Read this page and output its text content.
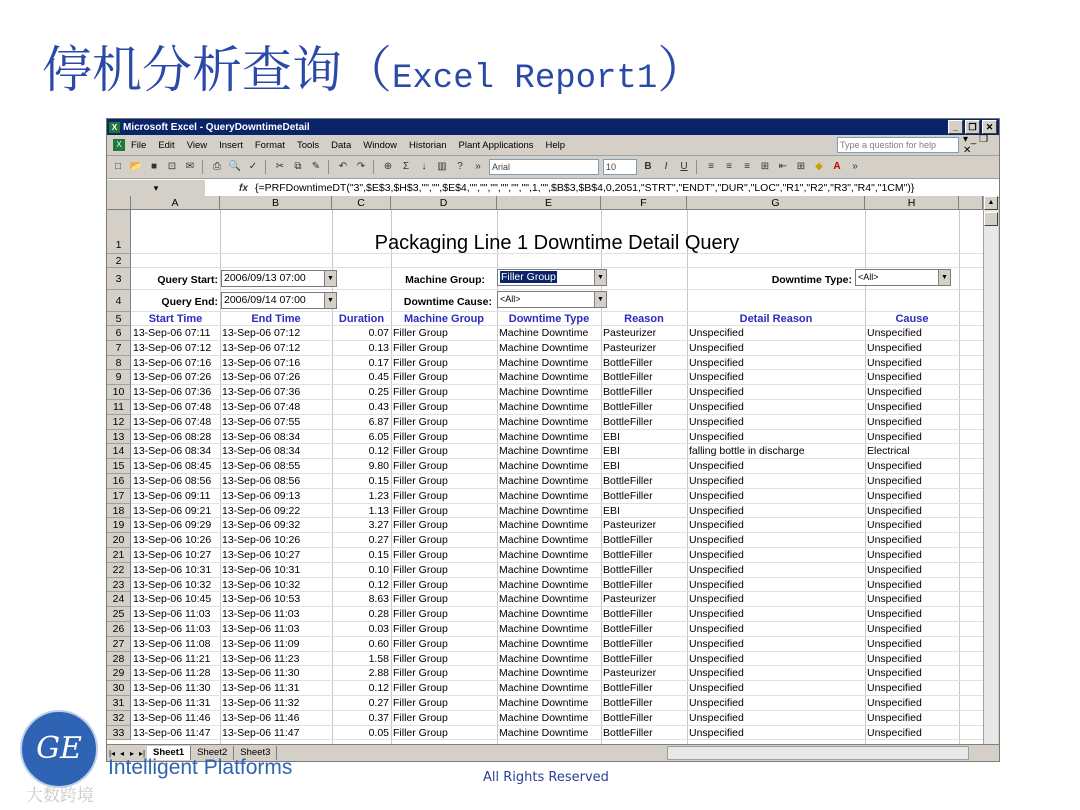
停机分析查询（Excel Report1）
X Microsoft Excel - QueryDowntimeDetail	_	❐	✕
X File Edit View Insert Format Tools Data Window Historian Plant Applications Help	Type a question for help	▾ _ ❐ ✕
□ 📂 ■	⊡ ✉	⎙ 🔍 ✓ ✂	⧉	✎ ↶ ↷ ⊕	Σ	↓	▥	?	»	Arial	10	B	I	U	≡	≡	≡	⊞ ⇤ ⊞ ◆	A	»
▾	fx {=PRFDowntimeDT("3",$E$3,$H$3,"","",$E$4,"","","","","","",1,"",$B$3,$B$4,0,2051,"STRT","ENDT","DUR","LOC","R1","R2","R3","R4","1CM")}
A	B	C	D	E	F	G	H
1
2
3
4
5
6
7
8
9
10
11
12
13
14
15
16
17
18
19
20
21
22
23
24
25
26
27
28
29
30
31
32
33
Packaging Line 1 Downtime Detail Query
Query Start: 2006/09/13 07:00	▼
Query End: 2006/09/14 07:00	▼
Machine Group:	Filler Group	▼
Downtime Cause: <All>	▼
Downtime Type: <All>	▼
Start Time	End Time	Duration	Machine Group	Downtime Type	Reason	Detail Reason	Cause
13-Sep-06 07:11	13-Sep-06 07:12	0.07 Filler Group	Machine Downtime	Pasteurizer	Unspecified	Unspecified
13-Sep-06 07:12	13-Sep-06 07:12	0.13 Filler Group	Machine Downtime	Pasteurizer	Unspecified	Unspecified
13-Sep-06 07:16	13-Sep-06 07:16	0.17 Filler Group	Machine Downtime	BottleFiller	Unspecified	Unspecified
13-Sep-06 07:26	13-Sep-06 07:26	0.45 Filler Group	Machine Downtime	BottleFiller	Unspecified	Unspecified
13-Sep-06 07:36	13-Sep-06 07:36	0.25 Filler Group	Machine Downtime	BottleFiller	Unspecified	Unspecified
13-Sep-06 07:48	13-Sep-06 07:48	0.43 Filler Group	Machine Downtime	BottleFiller	Unspecified	Unspecified
13-Sep-06 07:48	13-Sep-06 07:55	6.87 Filler Group	Machine Downtime	BottleFiller	Unspecified	Unspecified
13-Sep-06 08:28	13-Sep-06 08:34	6.05 Filler Group	Machine Downtime	EBI	Unspecified	Unspecified
13-Sep-06 08:34	13-Sep-06 08:34	0.12 Filler Group	Machine Downtime	EBI	falling bottle in discharge	Electrical
13-Sep-06 08:45	13-Sep-06 08:55	9.80 Filler Group	Machine Downtime	EBI	Unspecified	Unspecified
13-Sep-06 08:56	13-Sep-06 08:56	0.15 Filler Group	Machine Downtime	BottleFiller	Unspecified	Unspecified
13-Sep-06 09:11	13-Sep-06 09:13	1.23 Filler Group	Machine Downtime	BottleFiller	Unspecified	Unspecified
13-Sep-06 09:21	13-Sep-06 09:22	1.13 Filler Group	Machine Downtime	EBI	Unspecified	Unspecified
13-Sep-06 09:29	13-Sep-06 09:32	3.27 Filler Group	Machine Downtime	Pasteurizer	Unspecified	Unspecified
13-Sep-06 10:26	13-Sep-06 10:26	0.27 Filler Group	Machine Downtime	BottleFiller	Unspecified	Unspecified
13-Sep-06 10:27	13-Sep-06 10:27	0.15 Filler Group	Machine Downtime	BottleFiller	Unspecified	Unspecified
13-Sep-06 10:31	13-Sep-06 10:31	0.10 Filler Group	Machine Downtime	BottleFiller	Unspecified	Unspecified
13-Sep-06 10:32	13-Sep-06 10:32	0.12 Filler Group	Machine Downtime	BottleFiller	Unspecified	Unspecified
13-Sep-06 10:45	13-Sep-06 10:53	8.63 Filler Group	Machine Downtime	Pasteurizer	Unspecified	Unspecified
13-Sep-06 11:03	13-Sep-06 11:03	0.28 Filler Group	Machine Downtime	BottleFiller	Unspecified	Unspecified
13-Sep-06 11:03	13-Sep-06 11:03	0.03 Filler Group	Machine Downtime	BottleFiller	Unspecified	Unspecified
13-Sep-06 11:08	13-Sep-06 11:09	0.60 Filler Group	Machine Downtime	BottleFiller	Unspecified	Unspecified
13-Sep-06 11:21	13-Sep-06 11:23	1.58 Filler Group	Machine Downtime	BottleFiller	Unspecified	Unspecified
13-Sep-06 11:28	13-Sep-06 11:30	2.88 Filler Group	Machine Downtime	Pasteurizer	Unspecified	Unspecified
13-Sep-06 11:30	13-Sep-06 11:31	0.12 Filler Group	Machine Downtime	BottleFiller	Unspecified	Unspecified
13-Sep-06 11:31	13-Sep-06 11:32	0.27 Filler Group	Machine Downtime	BottleFiller	Unspecified	Unspecified
13-Sep-06 11:46	13-Sep-06 11:46	0.37 Filler Group	Machine Downtime	BottleFiller	Unspecified	Unspecified
13-Sep-06 11:47	13-Sep-06 11:47	0.05 Filler Group	Machine Downtime	BottleFiller	Unspecified	Unspecified
▲
|◂ ◂ ▸ ▸| Sheet1	Sheet2	Sheet3
GE
Intelligent Platforms	All Rights Reserved
大数跨境
